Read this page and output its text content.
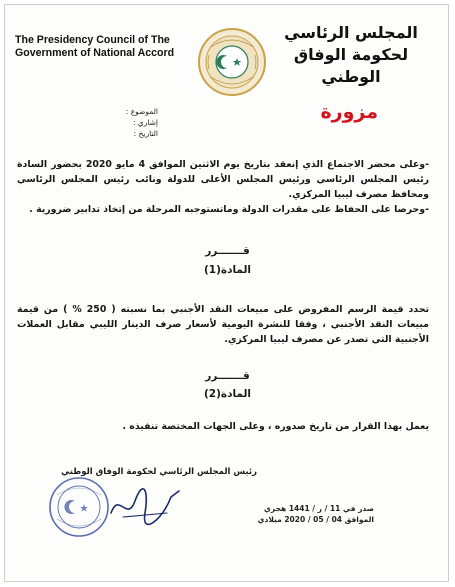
The Presidency Council of The
Government of National Accord
المجلس الرئاسي
لحكومة الوفاق الوطني
الموضوع :
إشاري :
التاريخ :
مزورة
-وعلى محضر الاجتماع الذي إنعقد بتاريخ يوم الاثنين الموافق 4 مايو 2020 بحضور السادة رئيس المجلس الرئاسي ورئيس المجلس الأعلى للدولة ونائب رئيس المجلس الرئاسي ومحافظ مصرف ليبيا المركزي.
-وحرصا على الحفاظ على مقدرات الدولة وماتستوجبه المرحلة من إتخاذ تدابير ضرورية .
قـــــــرر
المادة(1)
تحدد قيمة الرسم المفروض على مبيعات النقد الأجنبي بما نسبته ( 250 % ) من قيمة مبيعات النقد الأجنبي ، وفقا للنشرة اليومية لأسعار صرف الدينار الليبي مقابل العملات الأجنبية التي تصدر عن مصرف ليبيا المركزي.
قـــــــرر
المادة(2)
يعمل بهذا القرار من تاريخ صدوره ، وعلى الجهات المختصة تنفيذه .
رئيس المجلس الرئاسي لحكومة الوفاق الوطني
صدر في 11 / ر / 1441 هجري
الموافق 04 / 05 / 2020 ميلادي
